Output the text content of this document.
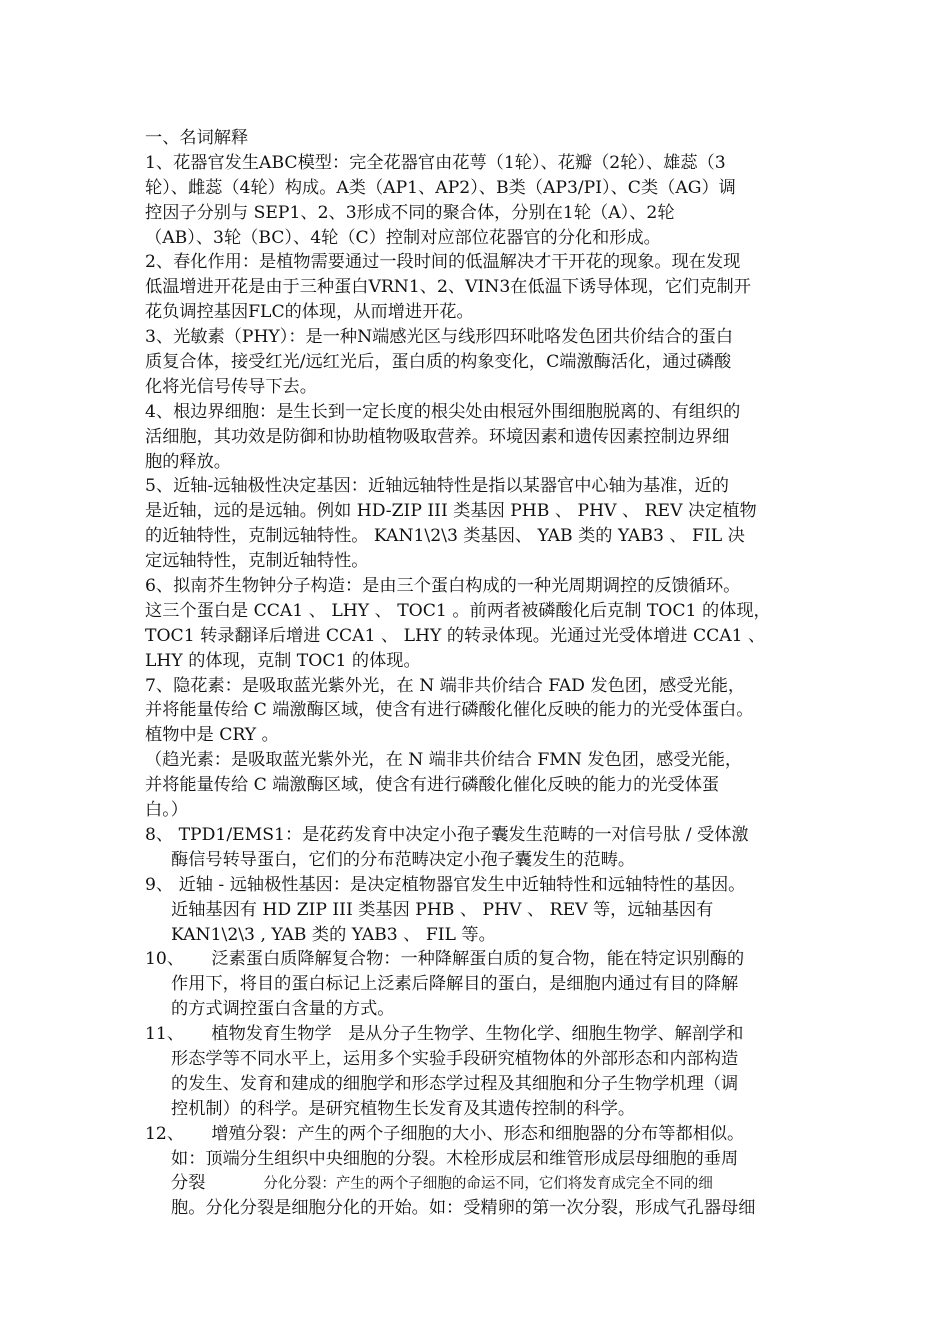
一、名词解释
1、花器官发生ABC模型：完全花器官由花萼（1轮）、花瓣（2轮）、雄蕊（3
轮）、雌蕊（4轮）构成。A类（AP1、AP2）、B类（AP3/PI）、C类（AG）调
控因子分别与 SEP1、2、3形成不同的聚合体，分别在1轮（A）、2轮
（AB）、3轮（BC）、4轮（C）控制对应部位花器官的分化和形成。
2、春化作用：是植物需要通过一段时间的低温解决才干开花的现象。现在发现
低温增进开花是由于三种蛋白VRN1、2、VIN3在低温下诱导体现，它们克制开
花负调控基因FLC的体现，从而增进开花。
3、光敏素（PHY）：是一种N端感光区与线形四环吡咯发色团共价结合的蛋白
质复合体，接受红光/远红光后，蛋白质的构象变化，C端激酶活化，通过磷酸
化将光信号传导下去。
4、根边界细胞：是生长到一定长度的根尖处由根冠外围细胞脱离的、有组织的
活细胞，其功效是防御和协助植物吸取营养。环境因素和遗传因素控制边界细
胞的释放。
5、近轴-远轴极性决定基因：近轴远轴特性是指以某器官中心轴为基准，近的
是近轴，远的是远轴。例如 HD-ZIP III 类基因 PHB 、 PHV 、 REV 决定植物
的近轴特性，克制远轴特性。 KAN1\2\3 类基因、 YAB 类的 YAB3 、 FIL 决
定远轴特性，克制近轴特性。
6、拟南芥生物钟分子构造：是由三个蛋白构成的一种光周期调控的反馈循环。
这三个蛋白是 CCA1 、 LHY 、 TOC1 。前两者被磷酸化后克制 TOC1 的体现，
TOC1 转录翻译后增进 CCA1 、 LHY 的转录体现。光通过光受体增进 CCA1 、
LHY 的体现，克制 TOC1 的体现。
7、隐花素：是吸取蓝光紫外光，在 N 端非共价结合 FAD 发色团，感受光能，
并将能量传给 C 端激酶区域，使含有进行磷酸化催化反映的能力的光受体蛋白。
植物中是 CRY 。
（趋光素：是吸取蓝光紫外光，在 N 端非共价结合 FMN 发色团，感受光能，
并将能量传给 C 端激酶区域，使含有进行磷酸化催化反映的能力的光受体蛋
白。）
8、 TPD1/EMS1：是花药发育中决定小孢子囊发生范畴的一对信号肽 / 受体激
酶信号转导蛋白，它们的分布范畴决定小孢子囊发生的范畴。
9、 近轴 - 远轴极性基因：是决定植物器官发生中近轴特性和远轴特性的基因。
近轴基因有 HD ZIP III 类基因 PHB 、 PHV 、 REV 等，远轴基因有
KAN1\2\3 , YAB 类的 YAB3 、 FIL 等。
10、     泛素蛋白质降解复合物：一种降解蛋白质的复合物，能在特定识别酶的
作用下，将目的蛋白标记上泛素后降解目的蛋白，是细胞内通过有目的降解
的方式调控蛋白含量的方式。
11、     植物发育生物学   是从分子生物学、生物化学、细胞生物学、解剖学和
形态学等不同水平上，运用多个实验手段研究植物体的外部形态和内部构造
的发生、发育和建成的细胞学和形态学过程及其细胞和分子生物学机理（调
控机制）的科学。是研究植物生长发育及其遗传控制的科学。
12、     增殖分裂：产生的两个子细胞的大小、形态和细胞器的分布等都相似。
如：顶端分生组织中央细胞的分裂。木栓形成层和维管形成层母细胞的垂周
分裂	分化分裂：产生的两个子细胞的命运不同，它们将发育成完全不同的细
胞。分化分裂是细胞分化的开始。如：受精卵的第一次分裂，形成气孔器母细
